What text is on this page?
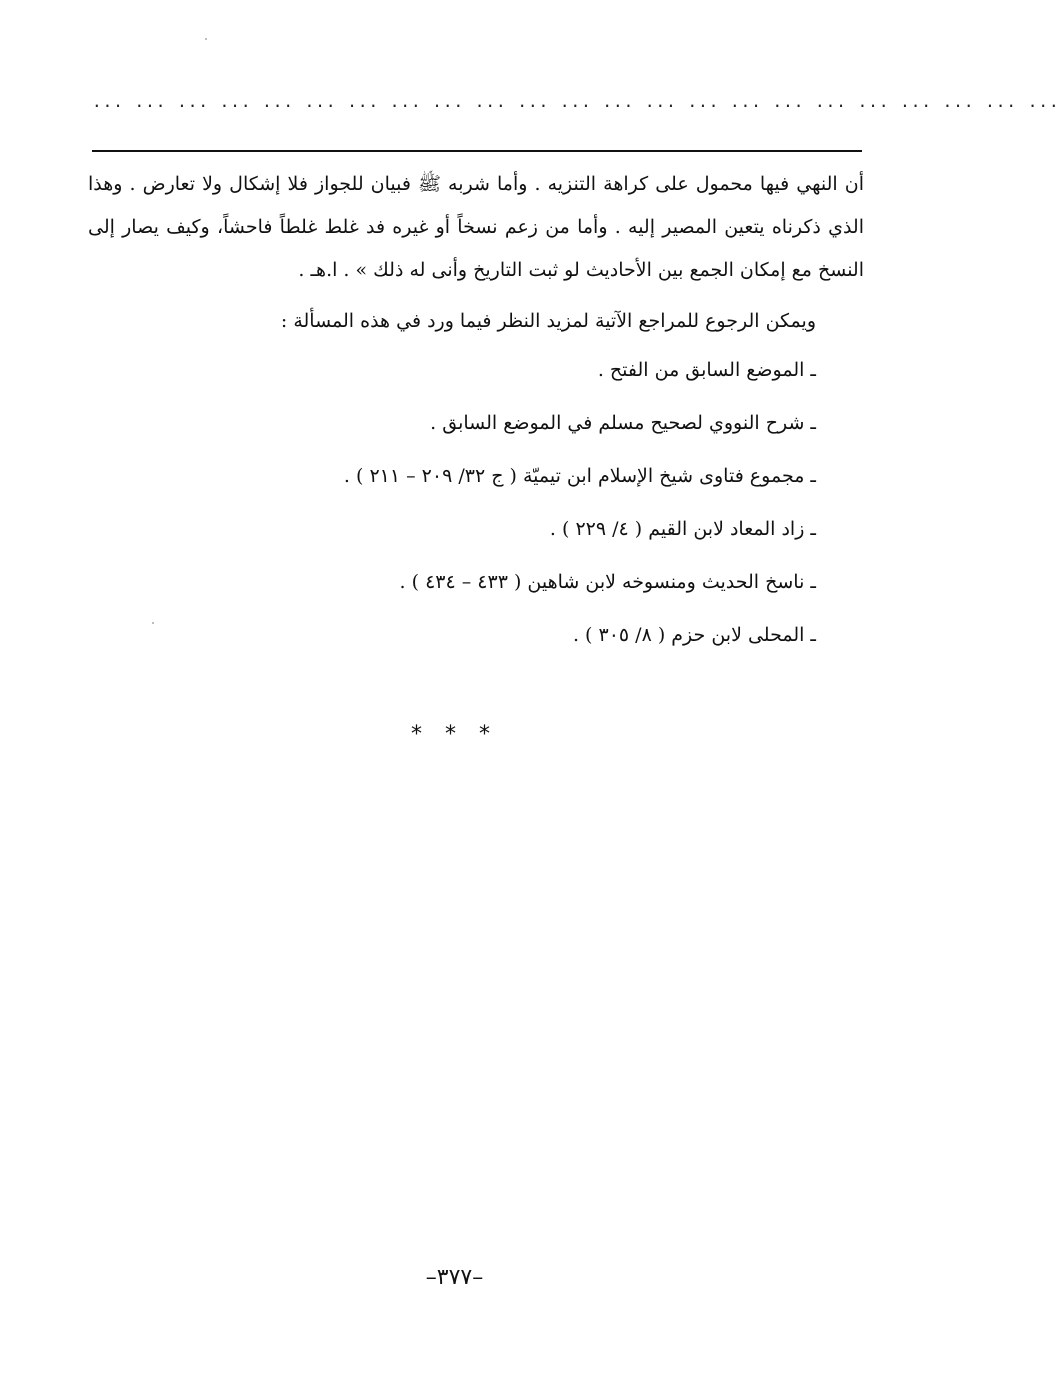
... ... ... ... ... ... ... ... ... ... ... ... ... ... ... ... ... ... ... ... ... ... ...

أن النهي فيها محمول على كراهة التنزيه . وأما شربه ﷺ فبيان للجواز فلا إشكال ولا تعارض . وهذا الذي ذكرناه يتعين المصير إليه . وأما من زعم نسخاً أو غيره فد غلط غلطاً فاحشاً، وكيف يصار إلى النسخ مع إمكان الجمع بين الأحاديث لو ثبت التاريخ وأنى له ذلك » . ا.هـ .

ويمكن الرجوع للمراجع الآتية لمزيد النظر فيما ورد في هذه المسألة :
ـ الموضع السابق من الفتح .
ـ شرح النووي لصحيح مسلم في الموضع السابق .
ـ مجموع فتاوى شيخ الإسلام ابن تيميّة ( ج ٣٢/ ٢٠٩ – ٢١١ ) .
ـ زاد المعاد لابن القيم ( ٤/ ٢٢٩ ) .
ـ ناسخ الحديث ومنسوخه لابن شاهين ( ٤٣٣ – ٤٣٤ ) .
ـ المحلى لابن حزم ( ٨/ ٣٠٥ ) .
* * *
–٣٧٧–
